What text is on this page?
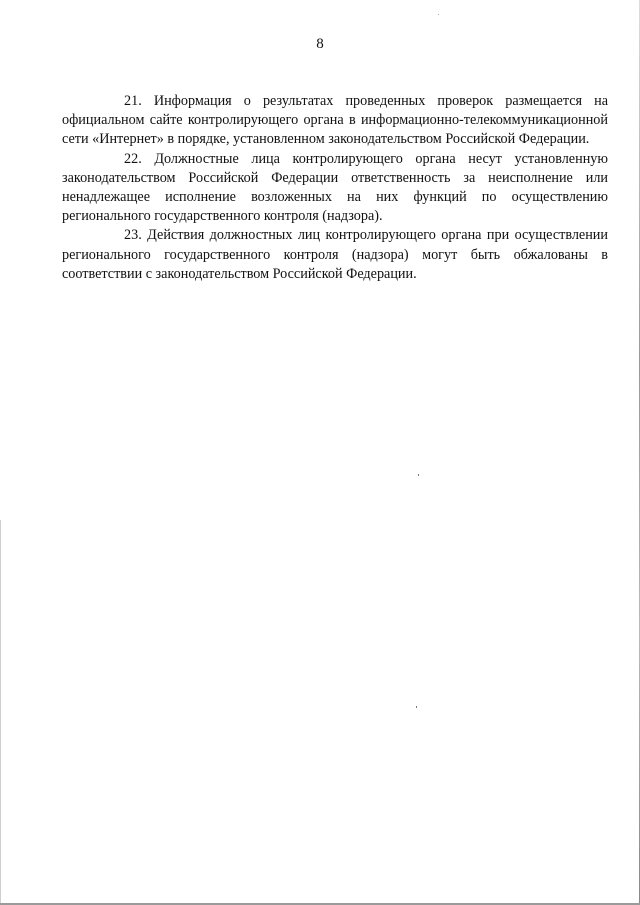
8

21. Информация о результатах проведенных проверок размещается на официальном сайте контролирующего органа в информационно-телекоммуникационной сети «Интернет» в порядке, установленном законодательством Российской Федерации.

22. Должностные лица контролирующего органа несут установленную законодательством Российской Федерации ответственность за неисполнение или ненадлежащее исполнение возложенных на них функций по осуществлению регионального государственного контроля (надзора).

23. Действия должностных лиц контролирующего органа при осуществлении регионального государственного контроля (надзора) могут быть обжалованы в соответствии с законодательством Российской Федерации.
